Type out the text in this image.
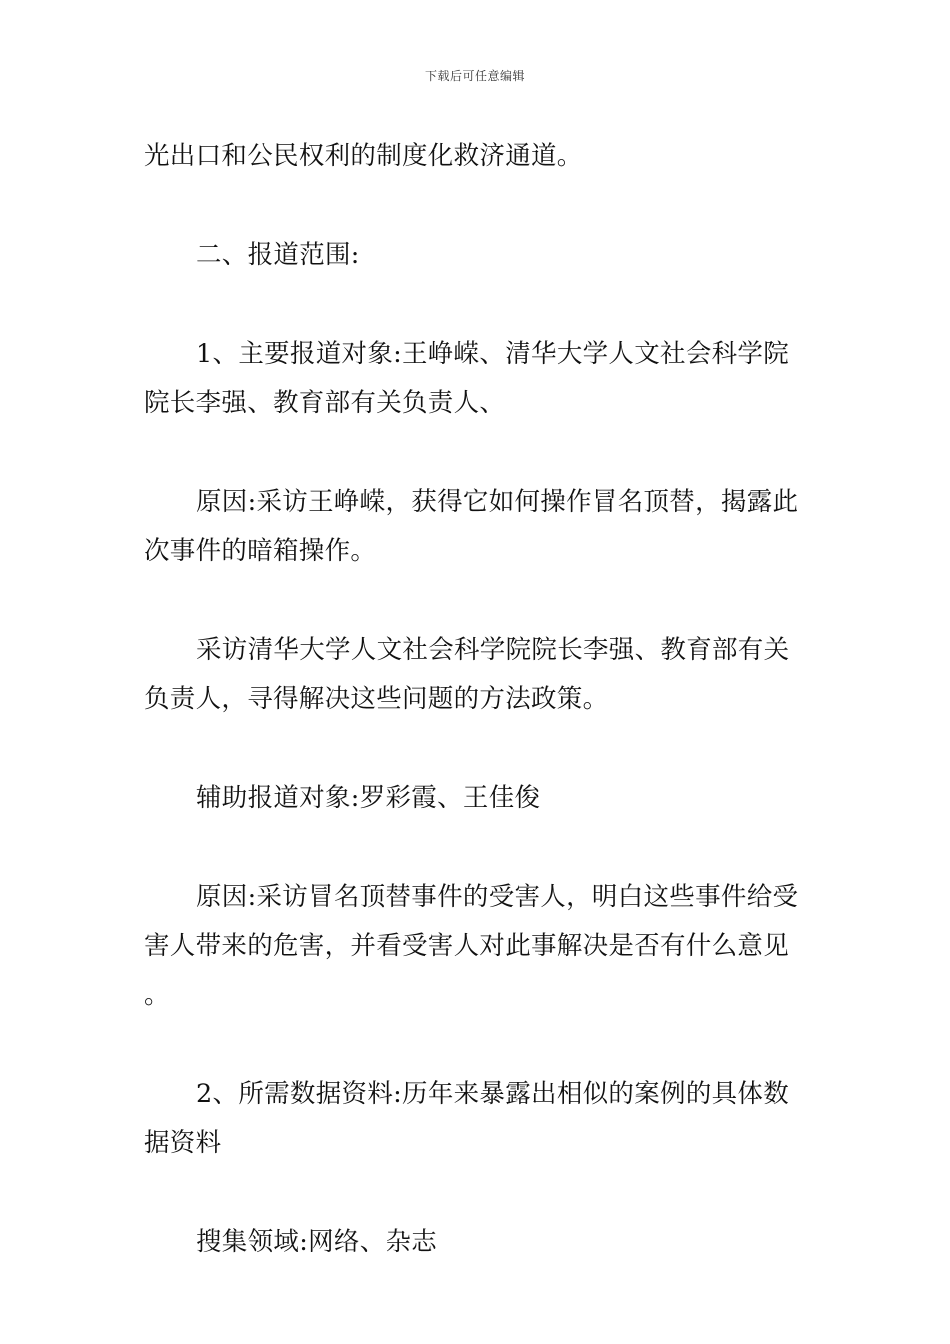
下载后可任意编辑

光出口和公民权利的制度化救济通道。

二、报道范围:

1、主要报道对象:王峥嵘、清华大学人文社会科学院院长李强、教育部有关负责人、

原因:采访王峥嵘，获得它如何操作冒名顶替，揭露此次事件的暗箱操作。

采访清华大学人文社会科学院院长李强、教育部有关负责人，寻得解决这些问题的方法政策。

辅助报道对象:罗彩霞、王佳俊

原因:采访冒名顶替事件的受害人，明白这些事件给受害人带来的危害，并看受害人对此事解决是否有什么意见。

2、所需数据资料:历年来暴露出相似的案例的具体数据资料

搜集领域:网络、杂志
